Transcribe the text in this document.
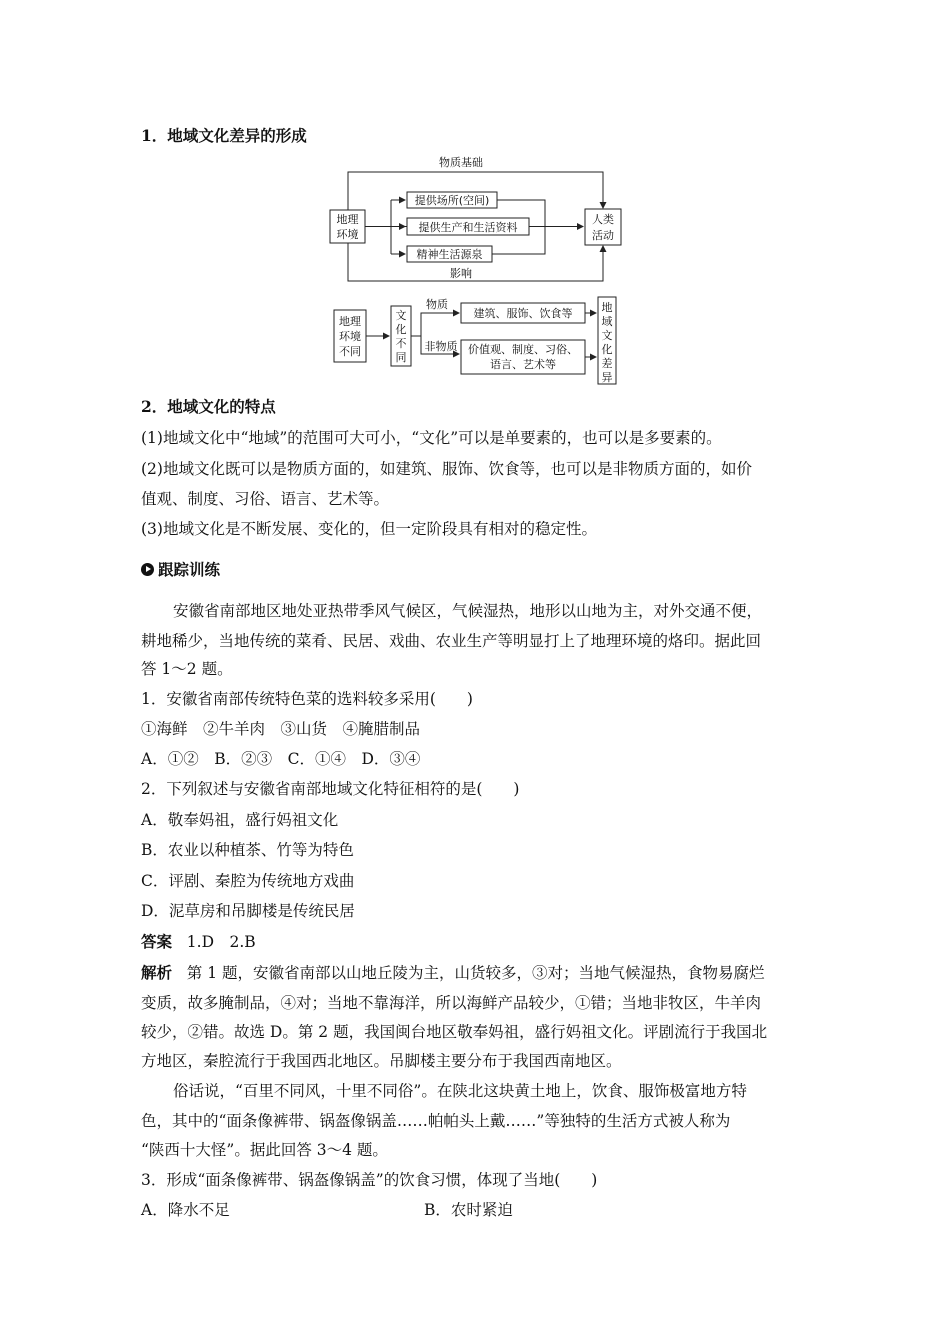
1．地域文化差异的形成
物质基础
影响
地理
环境
提供场所(空间)
提供生产和生活资料
精神生活源泉
人类
活动
地理
环境
不同
文
化
不
同
物质
非物质
建筑、服饰、饮食等
价值观、制度、习俗、
语言、艺术等
地
域
文
化
差
异
2．地域文化的特点
(1)地域文化中“地域”的范围可大可小，“文化”可以是单要素的，也可以是多要素的。
(2)地域文化既可以是物质方面的，如建筑、服饰、饮食等，也可以是非物质方面的，如价
值观、制度、习俗、语言、艺术等。
(3)地域文化是不断发展、变化的，但一定阶段具有相对的稳定性。
跟踪训练
安徽省南部地区地处亚热带季风气候区，气候湿热，地形以山地为主，对外交通不便，
耕地稀少，当地传统的菜肴、民居、戏曲、农业生产等明显打上了地理环境的烙印。据此回
答 1～2 题。
1．安徽省南部传统特色菜的选料较多采用(　　)
①海鲜　②牛羊肉　③山货　④腌腊制品
A．①②　B．②③　C．①④　D．③④
2．下列叙述与安徽省南部地域文化特征相符的是(　　)
A．敬奉妈祖，盛行妈祖文化
B．农业以种植茶、竹等为特色
C．评剧、秦腔为传统地方戏曲
D．泥草房和吊脚楼是传统民居
答案 1.D　2.B
解析 第 1 题，安徽省南部以山地丘陵为主，山货较多，③对；当地气候湿热，食物易腐烂
变质，故多腌制品，④对；当地不靠海洋，所以海鲜产品较少，①错；当地非牧区，牛羊肉
较少，②错。故选 D。第 2 题，我国闽台地区敬奉妈祖，盛行妈祖文化。评剧流行于我国北
方地区，秦腔流行于我国西北地区。吊脚楼主要分布于我国西南地区。
俗话说，“百里不同风，十里不同俗”。在陕北这块黄土地上，饮食、服饰极富地方特
色，其中的“面条像裤带、锅盔像锅盖……帕帕头上戴……”等独特的生活方式被人称为
“陕西十大怪”。据此回答 3～4 题。
3．形成“面条像裤带、锅盔像锅盖”的饮食习惯，体现了当地(　　)
A．降水不足	B．农时紧迫
